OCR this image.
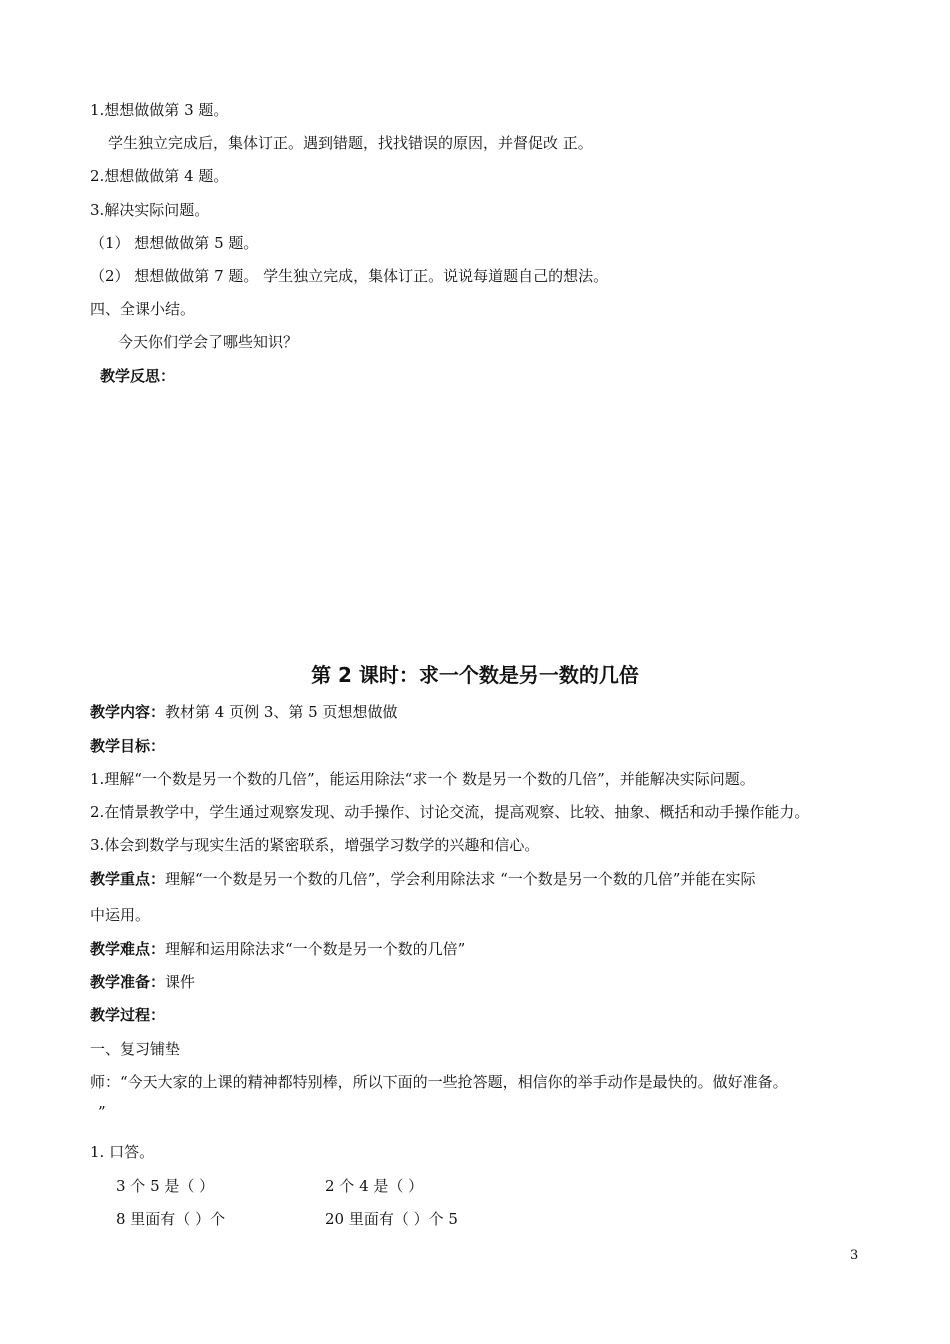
1.想想做做第 3 题。
学生独立完成后，集体订正。遇到错题，找找错误的原因，并督促改 正。
2.想想做做第 4 题。
3.解决实际问题。
（1） 想想做做第 5 题。
（2） 想想做做第 7 题。 学生独立完成，集体订正。说说每道题自己的想法。
四、全课小结。
今天你们学会了哪些知识？
教学反思：
第 2 课时：求一个数是另一数的几倍
教学内容：教材第 4 页例 3、第 5 页想想做做
教学目标：
1.理解“一个数是另一个数的几倍”，能运用除法“求一个 数是另一个数的几倍”，并能解决实际问题。
2.在情景教学中，学生通过观察发现、动手操作、讨论交流，提高观察、比较、抽象、概括和动手操作能力。
3.体会到数学与现实生活的紧密联系，增强学习数学的兴趣和信心。
教学重点：理解“一个数是另一个数的几倍”，学会利用除法求 “一个数是另一个数的几倍”并能在实际
中运用。
教学难点：理解和运用除法求“一个数是另一个数的几倍”
教学准备：课件
教学过程：
一、复习铺垫
师：“今天大家的上课的精神都特别棒，所以下面的一些抢答题，相信你的举手动作是最快的。做好准备。
”
1. 口答。
3 个 5 是（ ）	2 个 4 是（ ）
8 里面有（ ）个	20 里面有（ ）个 5
3
